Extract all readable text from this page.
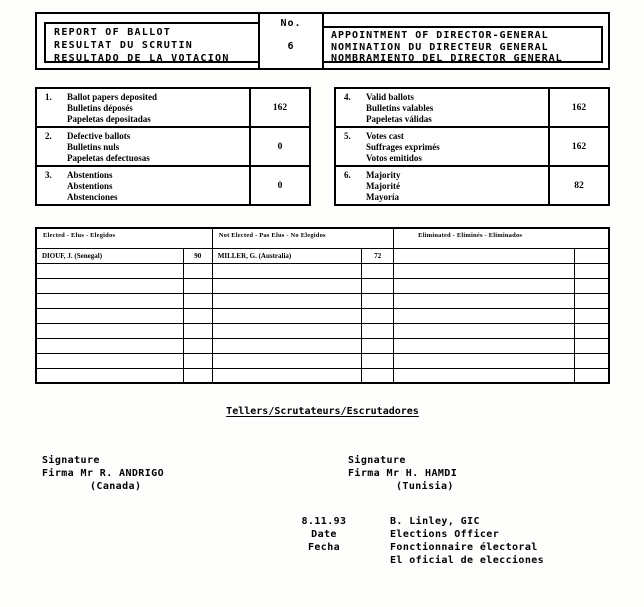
REPORT OF BALLOT
RESULTAT DU SCRUTIN
RESULTADO DE LA VOTACION
No.
6
APPOINTMENT OF DIRECTOR-GENERAL
NOMINATION DU DIRECTEUR GENERAL
NOMBRAMIENTO DEL DIRECTOR GENERAL
1.	Ballot papers deposited
Bulletins déposés
Papeletas depositadas
162
2.	Defective ballots
Bulletins nuls
Papeletas defectuosas
0
3.	Abstentions
Abstentions
Abstenciones
0
4.	Valid ballots
Bulletins valables
Papeletas válidas
162
5.	Votes cast
Suffrages exprimés
Votos emitidos
162
6.	Majority
Majorité
Mayoría
82
Elected - Elus - Elegidos		Not Elected - Pas Elus - No Elegidos		Eliminated - Eliminés - Eliminados	
DIOUF, J. (Senegal)	90	MILLER, G. (Australia)	72		

Tellers/Scrutateurs/Escrutadores
Signature
Firma Mr R. ANDRIGO
(Canada)
Signature
Firma Mr H. HAMDI
(Tunisia)
8.11.93
Date
Fecha
B. Linley, GIC
Elections Officer
Fonctionnaire électoral
El oficial de elecciones
